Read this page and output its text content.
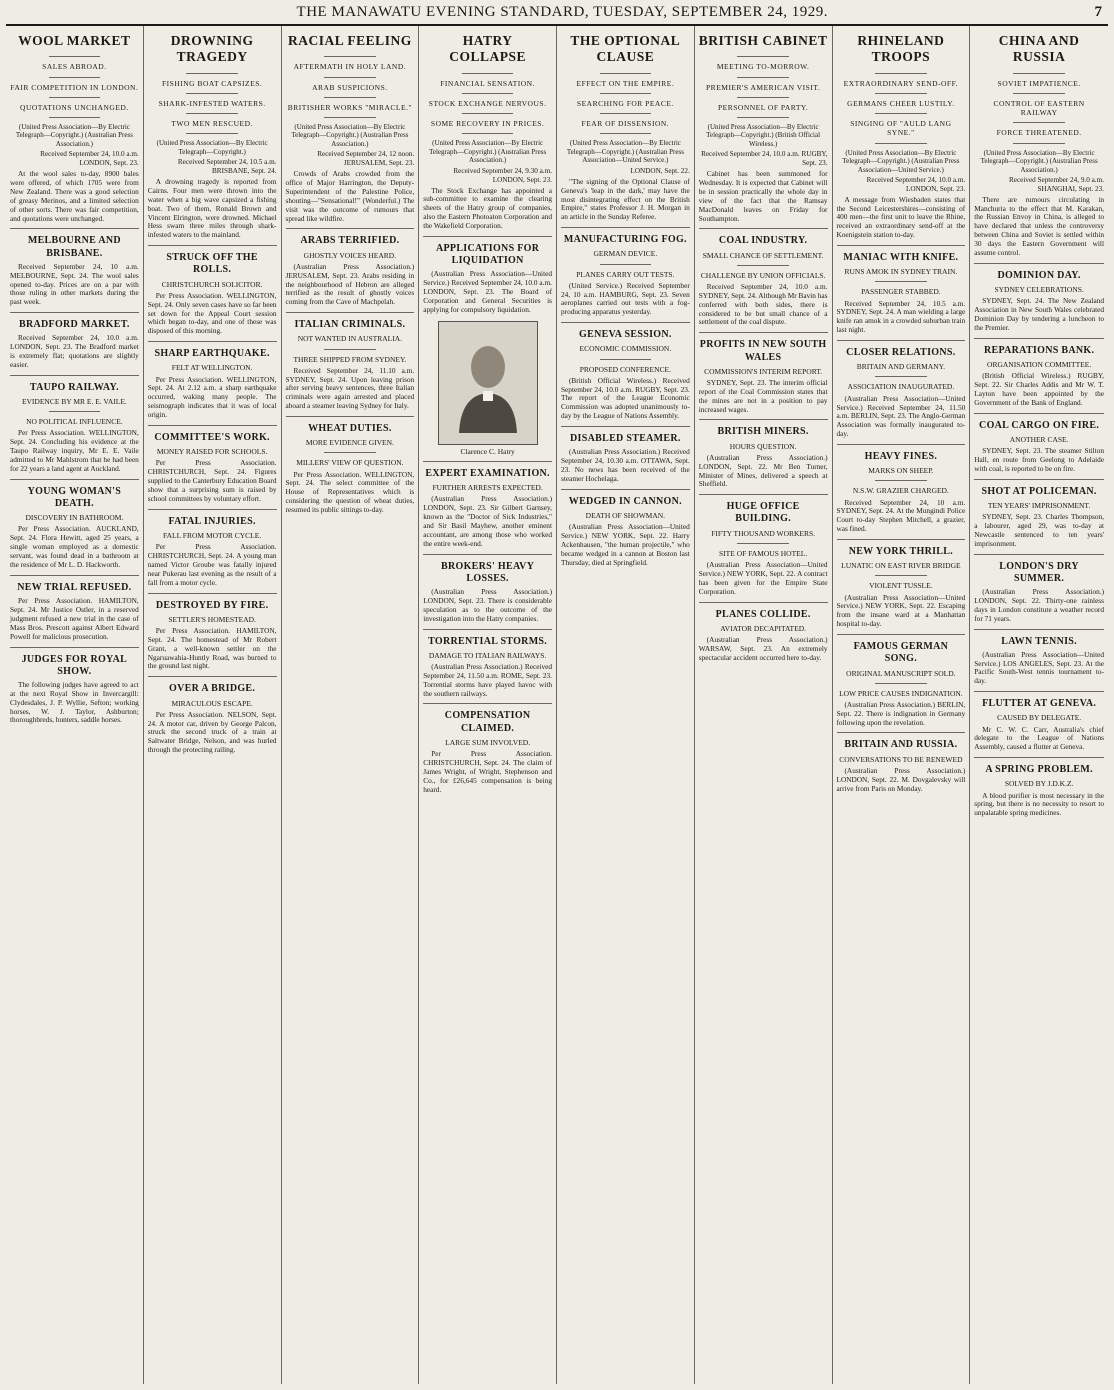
THE MANAWATU EVENING STANDARD, TUESDAY, SEPTEMBER 24, 1929.	7
WOOL MARKET
SALES ABROAD.
FAIR COMPETITION IN LONDON.
QUOTATIONS UNCHANGED.
(United Press Association—By Electric Telegraph—Copyright.) (Australian Press Association.)
Received September 24, 10.0 a.m. LONDON, Sept. 23.

At the wool sales to-day, 8900 bales were offered, of which 1705 were from New Zealand. There was a good selection of greasy Merinos, and a limited selection of other sorts. There was fair competition, and quotations were unchanged.

MELBOURNE AND BRISBANE.

Received September 24, 10 a.m. MELBOURNE, Sept. 24. The wool sales opened to-day. Prices are on a par with those ruling in other markets during the past week.

BRADFORD MARKET.

Received September 24, 10.0 a.m. LONDON, Sept. 23. The Bradford market is extremely flat; quotations are slightly easier.

TAUPO RAILWAY.
EVIDENCE BY MR E. E. VAILE.
NO POLITICAL INFLUENCE.

Per Press Association. WELLINGTON, Sept. 24. Concluding his evidence at the Taupo Railway inquiry, Mr E. E. Vaile admitted to Mr Mahlstrom that he had been for 22 years a land agent at Auckland.

YOUNG WOMAN'S DEATH.
DISCOVERY IN BATHROOM.

Per Press Association. AUCKLAND, Sept. 24. Flora Hewitt, aged 25 years, a single woman employed as a domestic servant, was found dead in a bathroom at the residence of Mr L. D. Hackworth.

NEW TRIAL REFUSED.

Per Press Association. HAMILTON, Sept. 24. Mr Justice Ostler, in a reserved judgment refused a new trial in the case of Mass Bros. Prescott against Albert Edward Powell for malicious prosecution.

JUDGES FOR ROYAL SHOW.

The following judges have agreed to act at the next Royal Show in Invercargill: Clydesdales, J. P. Wyllie, Sefton; working horses, W. J. Taylor, Ashburton; thoroughbreds, hunters, saddle horses.

DROWNING TRAGEDY
FISHING BOAT CAPSIZES.
SHARK-INFESTED WATERS.
TWO MEN RESCUED.
(United Press Association—By Electric Telegraph—Copyright.)
Received September 24, 10.5 a.m. BRISBANE, Sept. 24.

A drowning tragedy is reported from Cairns. Four men were thrown into the water when a big wave capsized a fishing boat. Two of them, Ronald Brown and Vincent Elrington, were drowned. Michael Hess swam three miles through shark-infested waters to the mainland.

STRUCK OFF THE ROLLS.
CHRISTCHURCH SOLICITOR.

Per Press Association. WELLINGTON, Sept. 24. Only seven cases have so far been set down for the Appeal Court session which began to-day, and one of these was disposed of this morning.

SHARP EARTHQUAKE.
FELT AT WELLINGTON.

Per Press Association. WELLINGTON, Sept. 24. At 2.12 a.m. a sharp earthquake occurred, waking many people. The seismograph indicates that it was of local origin.

COMMITTEE'S WORK.
MONEY RAISED FOR SCHOOLS.

Per Press Association. CHRISTCHURCH, Sept. 24. Figures supplied to the Canterbury Education Board show that a surprising sum is raised by school committees by voluntary effort.

FATAL INJURIES.
FALL FROM MOTOR CYCLE.

Per Press Association. CHRISTCHURCH, Sept. 24. A young man named Victor Groube was fatally injured near Pukerau last evening as the result of a fall from a motor cycle.

DESTROYED BY FIRE.
SETTLER'S HOMESTEAD.

Per Press Association. HAMILTON, Sept. 24. The homestead of Mr Robert Grant, a well-known settler on the Ngaruawahia-Huntly Road, was burned to the ground last night.

OVER A BRIDGE.
MIRACULOUS ESCAPE.

Per Press Association. NELSON, Sept. 24. A motor car, driven by George Palcon, struck the second truck of a train at Saltwater Bridge, Nelson, and was hurled through the protecting railing.

RACIAL FEELING
AFTERMATH IN HOLY LAND.
ARAB SUSPICIONS.
BRITISHER WORKS "MIRACLE."
(United Press Association—By Electric Telegraph—Copyright.) (Australian Press Association.)
Received September 24, 12 noon. JERUSALEM, Sept. 23.

Crowds of Arabs crowded from the office of Major Harrington, the Deputy-Superintendent of the Palestine Police, shouting—"Sensational!" (Wonderful.) The visit was the outcome of rumours that spread like wildfire.

ARABS TERRIFIED.
GHOSTLY VOICES HEARD.

(Australian Press Association.) JERUSALEM, Sept. 23. Arabs residing in the neighbourhood of Hebron are alleged terrified as the result of ghostly voices coming from the Cave of Machpelah.

ITALIAN CRIMINALS.
NOT WANTED IN AUSTRALIA.
THREE SHIPPED FROM SYDNEY.

Received September 24, 11.10 a.m. SYDNEY, Sept. 24. Upon leaving prison after serving heavy sentences, three Italian criminals were again arrested and placed aboard a steamer leaving Sydney for Italy.

WHEAT DUTIES.
MORE EVIDENCE GIVEN.
MILLERS' VIEW OF QUESTION.

Per Press Association. WELLINGTON, Sept. 24. The select committee of the House of Representatives which is considering the question of wheat duties, resumed its public sittings to-day.

HATRY COLLAPSE
FINANCIAL SENSATION.
STOCK EXCHANGE NERVOUS.
SOME RECOVERY IN PRICES.
(United Press Association—By Electric Telegraph—Copyright.) (Australian Press Association.)
Received September 24, 9.30 a.m. LONDON, Sept. 23.

The Stock Exchange has appointed a sub-committee to examine the clearing sheets of the Hatry group of companies, also the Eastern Photoaton Corporation and the Wakefield Corporation.

APPLICATIONS FOR LIQUIDATION

(Australian Press Association—United Service.) Received September 24, 10.0 a.m. LONDON, Sept. 23. The Board of Corporation and General Securities is applying for compulsory liquidation.

Clarence C. Hatry
EXPERT EXAMINATION.
FURTHER ARRESTS EXPECTED.

(Australian Press Association.) LONDON, Sept. 23. Sir Gilbert Garnsey, known as the "Doctor of Sick Industries," and Sir Basil Mayhew, another eminent accountant, are among those who worked the entire week-end.

BROKERS' HEAVY LOSSES.

(Australian Press Association.) LONDON, Sept. 23. There is considerable speculation as to the outcome of the investigation into the Hatry companies.

TORRENTIAL STORMS.
DAMAGE TO ITALIAN RAILWAYS.

(Australian Press Association.) Received September 24, 11.50 a.m. ROME, Sept. 23. Torrential storms have played havoc with the southern railways.

COMPENSATION CLAIMED.
LARGE SUM INVOLVED.

Per Press Association. CHRISTCHURCH, Sept. 24. The claim of James Wright, of Wright, Stephenson and Co., for £26,645 compensation is being heard.

THE OPTIONAL CLAUSE
EFFECT ON THE EMPIRE.
SEARCHING FOR PEACE.
FEAR OF DISSENSION.
(United Press Association—By Electric Telegraph—Copyright.) (Australian Press Association—United Service.)
LONDON, Sept. 22.

"The signing of the Optional Clause of Geneva's 'leap in the dark,' may have the most disintegrating effect on the British Empire," states Professor J. H. Morgan in an article in the Sunday Referee.

MANUFACTURING FOG.
GERMAN DEVICE.
PLANES CARRY OUT TESTS.

(United Service.) Received September 24, 10 a.m. HAMBURG, Sept. 23. Seven aeroplanes carried out tests with a fog-producing apparatus yesterday.

GENEVA SESSION.
ECONOMIC COMMISSION.
PROPOSED CONFERENCE.

(British Official Wireless.) Received September 24, 10.0 a.m. RUGBY, Sept. 23. The report of the League Economic Commission was adopted unanimously to-day by the League of Nations Assembly.

DISABLED STEAMER.

(Australian Press Association.) Received September 24, 10.30 a.m. OTTAWA, Sept. 23. No news has been received of the steamer Hochelaga.

WEDGED IN CANNON.
DEATH OF SHOWMAN.

(Australian Press Association—United Service.) NEW YORK, Sept. 22. Harry Ackenhausen, "the human projectile," who became wedged in a cannon at Boston last Thursday, died at Springfield.

BRITISH CABINET
MEETING TO-MORROW.
PREMIER'S AMERICAN VISIT.
PERSONNEL OF PARTY.
(United Press Association—By Electric Telegraph—Copyright.) (British Official Wireless.)
Received September 24, 10.0 a.m. RUGBY, Sept. 23.

Cabinet has been summoned for Wednesday. It is expected that Cabinet will be in session practically the whole day in view of the fact that the Ramsay MacDonald leaves on Friday for Southampton.

COAL INDUSTRY.
SMALL CHANCE OF SETTLEMENT.
CHALLENGE BY UNION OFFICIALS.

Received September 24, 10.0 a.m. SYDNEY, Sept. 24. Although Mr Bavin has conferred with both sides, there is considered to be but small chance of a settlement of the coal dispute.

PROFITS IN NEW SOUTH WALES
COMMISSION'S INTERIM REPORT.

SYDNEY, Sept. 23. The interim official report of the Coal Commission states that the mines are not in a position to pay increased wages.

BRITISH MINERS.
HOURS QUESTION.

(Australian Press Association.) LONDON, Sept. 22. Mr Ben Turner, Minister of Mines, delivered a speech at Sheffield.

HUGE OFFICE BUILDING.
FIFTY THOUSAND WORKERS.
SITE OF FAMOUS HOTEL.

(Australian Press Association—United Service.) NEW YORK, Sept. 22. A contract has been given for the Empire State Corporation.

PLANES COLLIDE.
AVIATOR DECAPITATED.

(Australian Press Association.) WARSAW, Sept. 23. An extremely spectacular accident occurred here to-day.

RHINELAND TROOPS
EXTRAORDINARY SEND-OFF.
GERMANS CHEER LUSTILY.
SINGING OF "AULD LANG SYNE."
(United Press Association—By Electric Telegraph—Copyright.) (Australian Press Association—United Service.)
Received September 24, 10.0 a.m. LONDON, Sept. 23.

A message from Wiesbaden states that the Second Leicestershires—consisting of 400 men—the first unit to leave the Rhine, received an extraordinary send-off at the Koenigstein station to-day.

MANIAC WITH KNIFE.
RUNS AMOK IN SYDNEY TRAIN.
PASSENGER STABBED.

Received September 24, 10.5 a.m. SYDNEY, Sept. 24. A man wielding a large knife ran amok in a crowded suburban train last night.

CLOSER RELATIONS.
BRITAIN AND GERMANY.
ASSOCIATION INAUGURATED.

(Australian Press Association—United Service.) Received September 24, 11.50 a.m. BERLIN, Sept. 23. The Anglo-German Association was formally inaugurated to-day.

HEAVY FINES.
MARKS ON SHEEP.
N.S.W. GRAZIER CHARGED.

Received September 24, 10 a.m. SYDNEY, Sept. 24. At the Mungindi Police Court to-day Stephen Mitchell, a grazier, was fined.

NEW YORK THRILL.
LUNATIC ON EAST RIVER BRIDGE
VIOLENT TUSSLE.

(Australian Press Association—United Service.) NEW YORK, Sept. 22. Escaping from the insane ward at a Manhattan hospital to-day.

FAMOUS GERMAN SONG.
ORIGINAL MANUSCRIPT SOLD.
LOW PRICE CAUSES INDIGNATION.

(Australian Press Association.) BERLIN, Sept. 22. There is indignation in Germany following upon the revelation.

BRITAIN AND RUSSIA.
CONVERSATIONS TO BE RENEWED

(Australian Press Association.) LONDON, Sept. 22. M. Dovgalevsky will arrive from Paris on Monday.

CHINA AND RUSSIA
SOVIET IMPATIENCE.
CONTROL OF EASTERN RAILWAY
FORCE THREATENED.
(United Press Association—By Electric Telegraph—Copyright.) (Australian Press Association.)
Received September 24, 9.0 a.m. SHANGHAI, Sept. 23.

There are rumours circulating in Manchuria to the effect that M. Karakan, the Russian Envoy in China, is alleged to have declared that unless the controversy between China and Soviet is settled within 30 days the Eastern Government will assume control.

DOMINION DAY.
SYDNEY CELEBRATIONS.

SYDNEY, Sept. 24. The New Zealand Association in New South Wales celebrated Dominion Day by tendering a luncheon to the Premier.

REPARATIONS BANK.
ORGANISATION COMMITTEE.

(British Official Wireless.) RUGBY, Sept. 22. Sir Charles Addis and Mr W. T. Layton have been appointed by the Government of the Bank of England.

COAL CARGO ON FIRE.
ANOTHER CASE.

SYDNEY, Sept. 23. The steamer Stilton Hall, en route from Geelong to Adelaide with coal, is reported to be on fire.

SHOT AT POLICEMAN.
TEN YEARS' IMPRISONMENT.

SYDNEY, Sept. 23. Charles Thompson, a labourer, aged 29, was to-day at Newcastle sentenced to ten years' imprisonment.

LONDON'S DRY SUMMER.

(Australian Press Association.) LONDON, Sept. 22. Thirty-one rainless days in London constitute a weather record for 71 years.

LAWN TENNIS.

(Australian Press Association—United Service.) LOS ANGELES, Sept. 23. At the Pacific South-West tennis tournament to-day.

FLUTTER AT GENEVA.
CAUSED BY DELEGATE.

Mr C. W. C. Carr, Australia's chief delegate to the League of Nations Assembly, caused a flutter at Geneva.

A SPRING PROBLEM.
SOLVED BY J.D.K.Z.

A blood purifier is most necessary in the spring, but there is no necessity to resort to unpalatable spring medicines.
